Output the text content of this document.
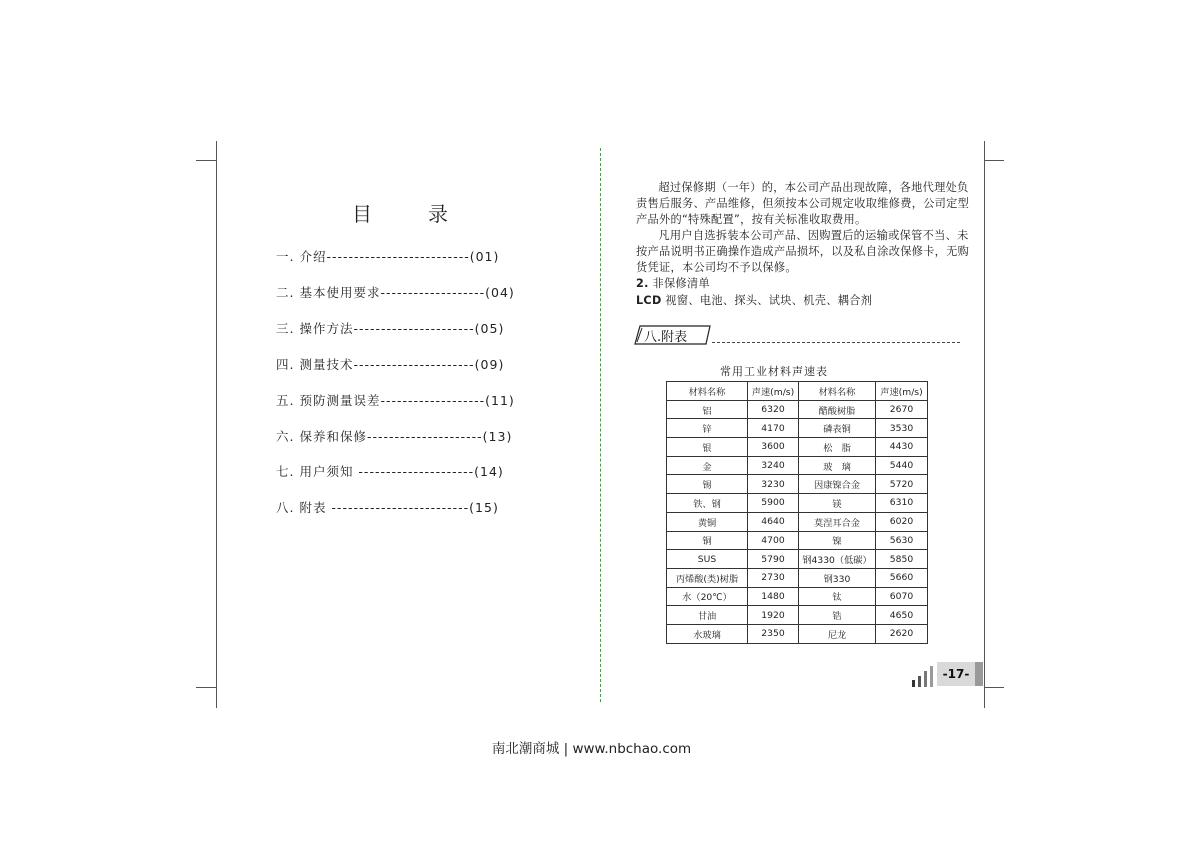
目	录
一. 介绍--------------------------(01)
二. 基本使用要求-------------------(04)
三. 操作方法----------------------(05)
四. 测量技术----------------------(09)
五. 预防测量误差-------------------(11)
六. 保养和保修---------------------(13)
七. 用户须知 ---------------------(14)
八. 附表 -------------------------(15)

超过保修期（一年）的，本公司产品出现故障，各地代理处负责售后服务、产品维修，但须按本公司规定收取维修费，公司定型产品外的“特殊配置”，按有关标准收取费用。

凡用户自选拆装本公司产品、因购置后的运输或保管不当、未按产品说明书正确操作造成产品损坏，以及私自涂改保修卡，无购货凭证，本公司均不予以保修。

2. 非保修清单

LCD 视窗、电池、探头、试块、机壳、耦合剂

八.附表
常用工业材料声速表
材料名称	声速(m/s)	材料名称	声速(m/s)
铝	6320	醋酸树脂	2670
锌	4170	磷表铜	3530
银	3600	松　脂	4430
金	3240	玻　璃	5440
锡	3230	因康镍合金	5720
铁、钢	5900	镁	6310
黄铜	4640	莫涅耳合金	6020
铜	4700	镍	5630
SUS	5790	钢4330（低碳）	5850
丙烯酸(类)树脂	2730	钢330	5660
水（20℃）	1480	钛	6070
甘油	1920	锆	4650
水玻璃	2350	尼龙	2620
-17-
南北潮商城 | www.nbchao.com
